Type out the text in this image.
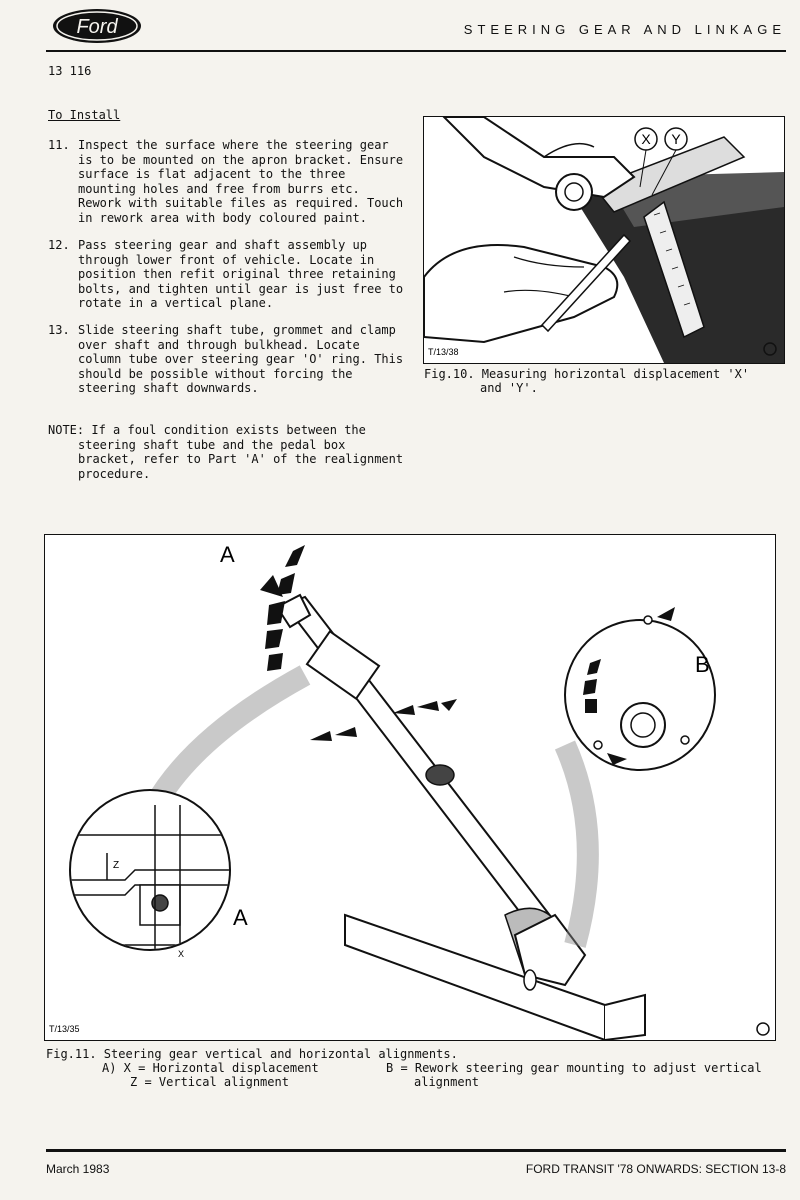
Ford	STEERING GEAR AND LINKAGE
13 116
To Install
11. Inspect the surface where the steering gear is to be mounted on the apron bracket. Ensure surface is flat adjacent to the three mounting holes and free from burrs etc. Rework with suitable files as required. Touch in rework area with body coloured paint.
12. Pass steering gear and shaft assembly up through lower front of vehicle. Locate in position then refit original three retaining bolts, and tighten until gear is just free to rotate in a vertical plane.
13. Slide steering shaft tube, grommet and clamp over shaft and through bulkhead. Locate column tube over steering gear 'O' ring. This should be possible without forcing the steering shaft downwards.
NOTE: If a foul condition exists between the
steering shaft tube and the pedal box bracket, refer to Part 'A' of the realignment procedure.
X Y
T/13/38
Fig.10. Measuring horizontal displacement 'X'
and 'Y'.
A
Z
X
A
B
T/13/35
Fig.11. Steering gear vertical and horizontal alignments.
A) X = Horizontal displacement
Z = Vertical alignment
B = Rework steering gear mounting to adjust vertical
alignment
March 1983	FORD TRANSIT '78 ONWARDS: SECTION 13-8
